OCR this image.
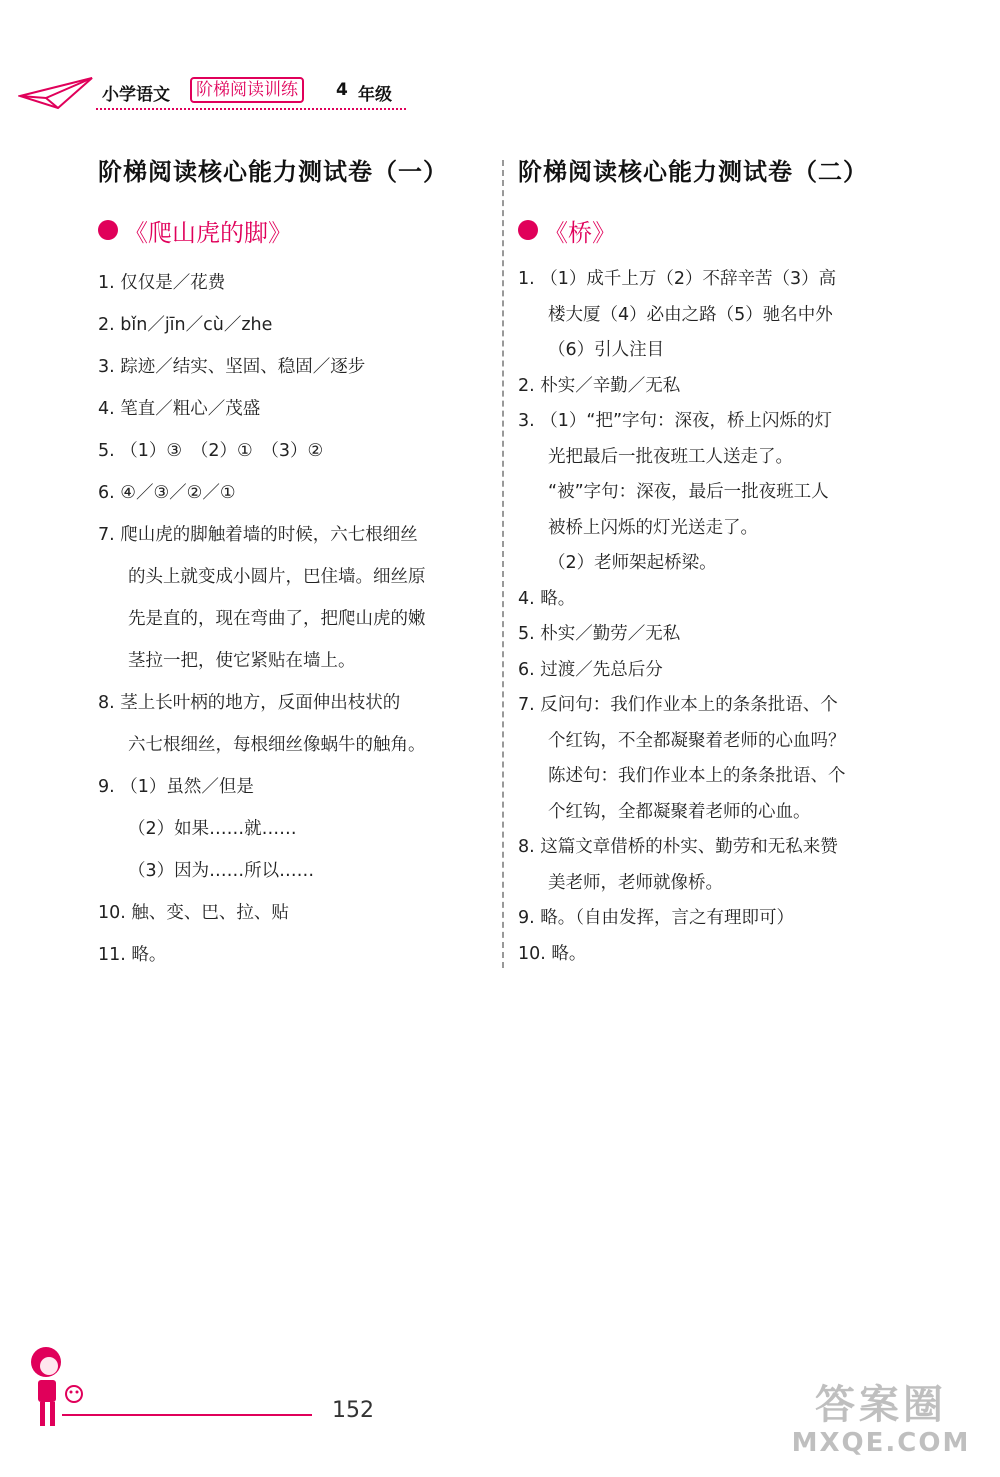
小学语文	阶梯阅读训练	4 年级
阶梯阅读核心能力测试卷（一）
《爬山虎的脚》
1. 仅仅是／花费
2. bǐn／jīn／cù／zhe
3. 踪迹／结实、坚固、稳固／逐步
4. 笔直／粗心／茂盛
5. （1）③　（2）①　（3）②
6. ④／③／②／①
7. 爬山虎的脚触着墙的时候，六七根细丝
的头上就变成小圆片，巴住墙。细丝原
先是直的，现在弯曲了，把爬山虎的嫩
茎拉一把，使它紧贴在墙上。
8. 茎上长叶柄的地方，反面伸出枝状的
六七根细丝，每根细丝像蜗牛的触角。
9. （1）虽然／但是
（2）如果……就……
（3）因为……所以……
10. 触、变、巴、拉、贴
11. 略。
阶梯阅读核心能力测试卷（二）
《桥》
1. （1）成千上万（2）不辞辛苦（3）高
楼大厦（4）必由之路（5）驰名中外
（6）引人注目
2. 朴实／辛勤／无私
3. （1）“把”字句：深夜，桥上闪烁的灯
光把最后一批夜班工人送走了。
“被”字句：深夜，最后一批夜班工人
被桥上闪烁的灯光送走了。
（2）老师架起桥梁。
4. 略。
5. 朴实／勤劳／无私
6. 过渡／先总后分
7. 反问句：我们作业本上的条条批语、个
个红钩，不全都凝聚着老师的心血吗？
陈述句：我们作业本上的条条批语、个
个红钩，全都凝聚着老师的心血。
8. 这篇文章借桥的朴实、勤劳和无私来赞
美老师，老师就像桥。
9. 略。（自由发挥，言之有理即可）
10. 略。
152	答案圈
MXQE.COM
